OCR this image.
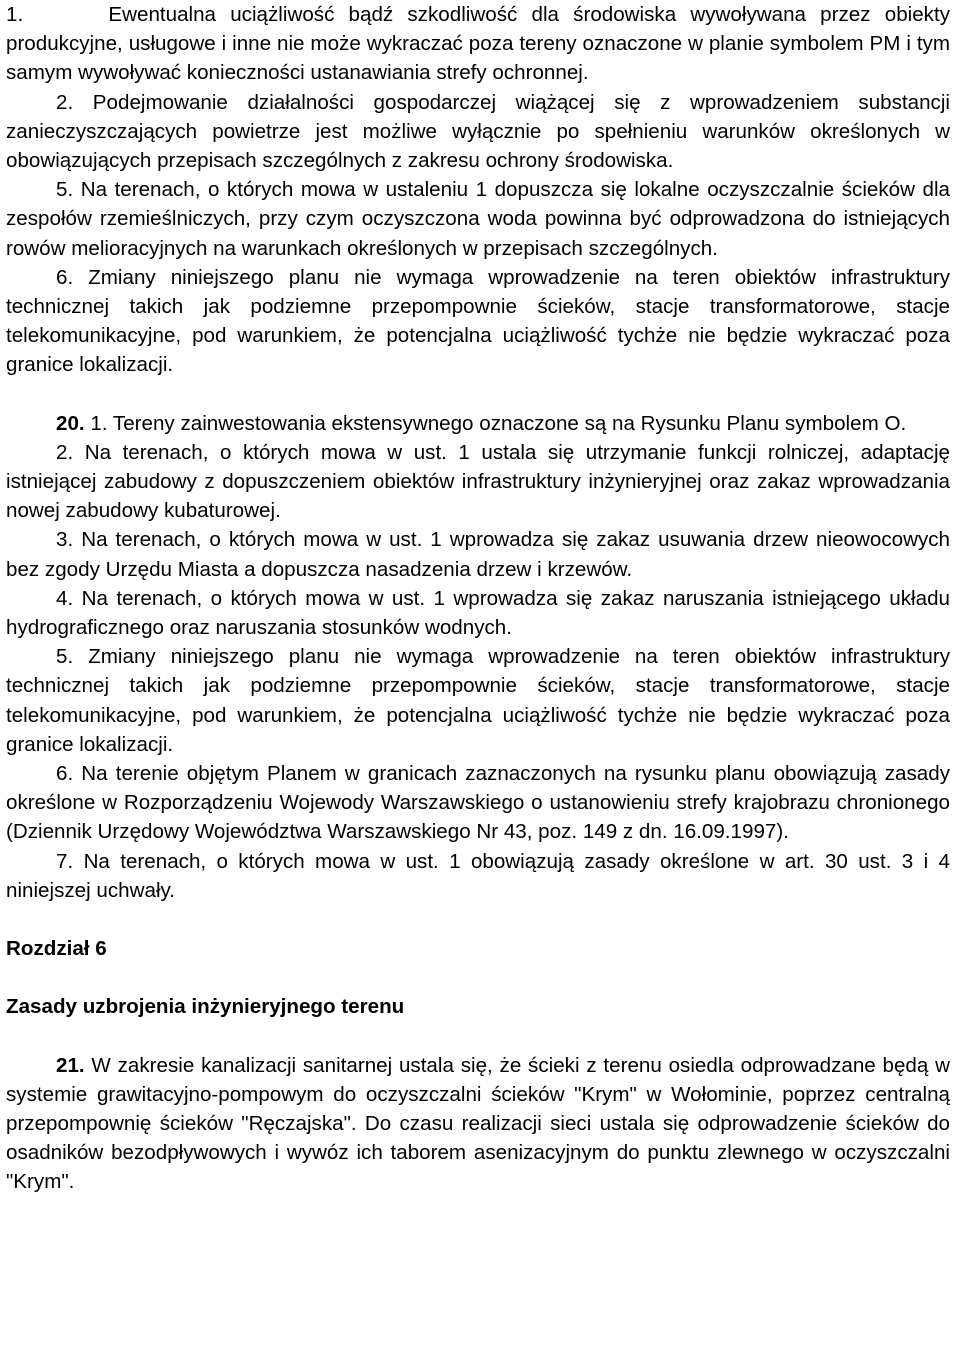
1.	Ewentualna uciążliwość bądź szkodliwość dla środowiska wywoływana przez obiekty produkcyjne, usługowe i inne nie może wykraczać poza tereny oznaczone w planie symbolem PM i tym samym wywoływać konieczności ustanawiania strefy ochronnej.

2. Podejmowanie działalności gospodarczej wiążącej się z wprowadzeniem substancji zanieczyszczających powietrze jest możliwe wyłącznie po spełnieniu warunków określonych w obowiązujących przepisach szczególnych z zakresu ochrony środowiska.

5. Na terenach, o których mowa w ustaleniu 1 dopuszcza się lokalne oczyszczalnie ścieków dla zespołów rzemieślniczych, przy czym oczyszczona woda powinna być odprowadzona do istniejących rowów melioracyjnych na warunkach określonych w przepisach szczególnych.

6. Zmiany niniejszego planu nie wymaga wprowadzenie na teren obiektów infrastruktury technicznej takich jak podziemne przepompownie ścieków, stacje transformatorowe, stacje telekomunikacyjne, pod warunkiem, że potencjalna uciążliwość tychże nie będzie wykraczać poza granice lokalizacji.

20. 1. Tereny zainwestowania ekstensywnego oznaczone są na Rysunku Planu symbolem O.

2. Na terenach, o których mowa w ust. 1 ustala się utrzymanie funkcji rolniczej, adaptację istniejącej zabudowy z dopuszczeniem obiektów infrastruktury inżynieryjnej oraz zakaz wprowadzania nowej zabudowy kubaturowej.

3. Na terenach, o których mowa w ust. 1 wprowadza się zakaz usuwania drzew nieowocowych bez zgody Urzędu Miasta a dopuszcza nasadzenia drzew i krzewów.

4. Na terenach, o których mowa w ust. 1 wprowadza się zakaz naruszania istniejącego układu hydrograficznego oraz naruszania stosunków wodnych.

5. Zmiany niniejszego planu nie wymaga wprowadzenie na teren obiektów infrastruktury technicznej takich jak podziemne przepompownie ścieków, stacje transformatorowe, stacje telekomunikacyjne, pod warunkiem, że potencjalna uciążliwość tychże nie będzie wykraczać poza granice lokalizacji.

6. Na terenie objętym Planem w granicach zaznaczonych na rysunku planu obowiązują zasady określone w Rozporządzeniu Wojewody Warszawskiego o ustanowieniu strefy krajobrazu chronionego (Dziennik Urzędowy Województwa Warszawskiego Nr 43, poz. 149 z dn. 16.09.1997).

7. Na terenach, o których mowa w ust. 1 obowiązują zasady określone w art. 30 ust. 3 i 4 niniejszej uchwały.

Rozdział 6

Zasady uzbrojenia inżynieryjnego terenu

21. W zakresie kanalizacji sanitarnej ustala się, że ścieki z terenu osiedla odprowadzane będą w systemie grawitacyjno-pompowym do oczyszczalni ścieków "Krym" w Wołominie, poprzez centralną przepompownię ścieków "Ręczajska". Do czasu realizacji sieci ustala się odprowadzenie ścieków do osadników bezodpływowych i wywóz ich taborem asenizacyjnym do punktu zlewnego w oczyszczalni "Krym".
